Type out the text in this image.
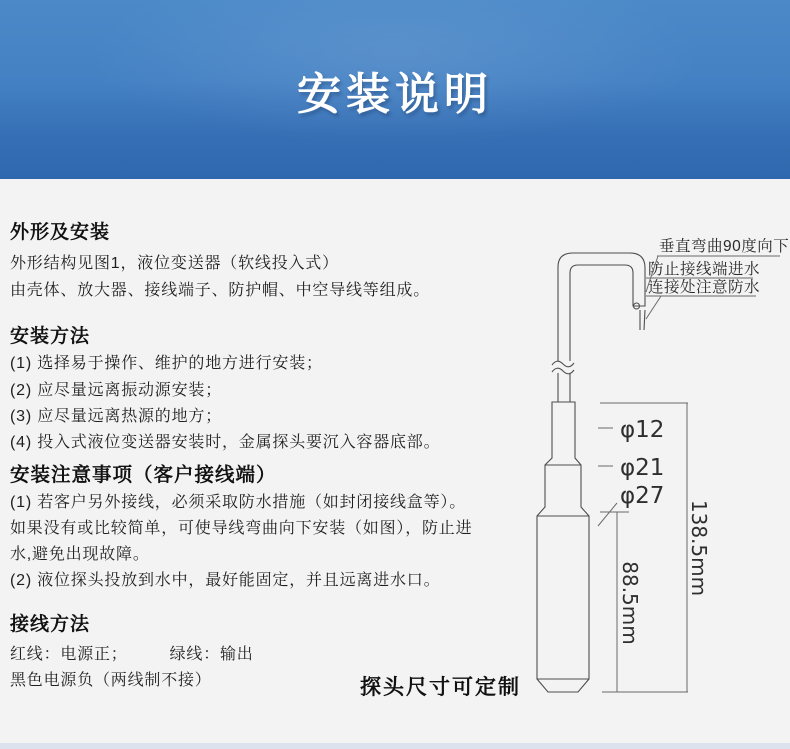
安装说明
外形及安装
外形结构见图1，液位变送器（软线投入式）
由壳体、放大器、接线端子、防护帽、中空导线等组成。
安装方法
(1) 选择易于操作、维护的地方进行安装；
(2) 应尽量远离振动源安装；
(3) 应尽量远离热源的地方；
(4) 投入式液位变送器安装时，金属探头要沉入容器底部。
安装注意事项（客户接线端）
(1) 若客户另外接线，必须采取防水措施（如封闭接线盒等）。
如果没有或比较简单，可使导线弯曲向下安装（如图），防止进
水,避免出现故障。
(2) 液位探头投放到水中，最好能固定，并且远离进水口。
接线方法
红线：电源正；	绿线：输出
黑色电源负（两线制不接）	探头尺寸可定制
φ12
φ21
φ27
138.5mm
88.5mm
垂直弯曲90度向下
防止接线端进水
连接处注意防水
